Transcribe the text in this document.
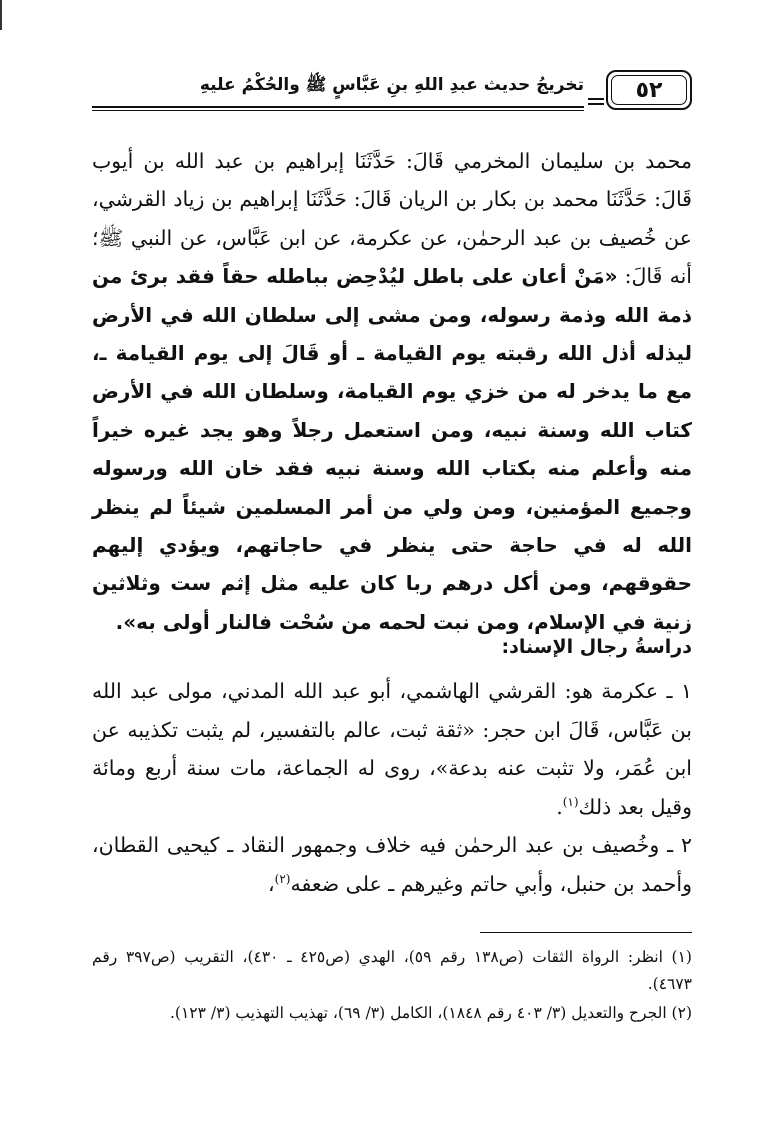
٥٢
تخريجُ حديث عبدِ اللهِ بنِ عَبَّاسٍ ﷺ والحُكْمُ عليهِ

محمد بن سليمان المخرمي قَالَ: حَدَّثَنَا إبراهيم بن عبد الله بن أيوب قَالَ: حَدَّثَنَا محمد بن بكار بن الريان قَالَ: حَدَّثَنَا إبراهيم بن زياد القرشي، عن خُصيف بن عبد الرحمٰن، عن عكرمة، عن ابن عَبَّاس، عن النبي ﷺ؛ أنه قَالَ: «مَنْ أعان على باطل ليُدْحِض بباطله حقاً فقد برئ من ذمة الله وذمة رسوله، ومن مشى إلى سلطان الله في الأرض ليذله أذل الله رقبته يوم القيامة ـ أو قَالَ إلى يوم القيامة ـ، مع ما يدخر له من خزي يوم القيامة، وسلطان الله في الأرض كتاب الله وسنة نبيه، ومن استعمل رجلاً وهو يجد غيره خيراً منه وأعلم منه بكتاب الله وسنة نبيه فقد خان الله ورسوله وجميع المؤمنين، ومن ولي من أمر المسلمين شيئاً لم ينظر الله له في حاجة حتى ينظر في حاجاتهم، ويؤدي إليهم حقوقهم، ومن أكل درهم ربا كان عليه مثل إثم ست وثلاثين زنية في الإسلام، ومن نبت لحمه من سُحْت فالنار أولى به».

دراسةُ رجال الإسناد:

١ ـ عكرمة هو: القرشي الهاشمي، أبو عبد الله المدني، مولى عبد الله بن عَبَّاس، قَالَ ابن حجر: «ثقة ثبت، عالم بالتفسير، لم يثبت تكذيبه عن ابن عُمَر، ولا تثبت عنه بدعة»، روى له الجماعة، مات سنة أربع ومائة وقيل بعد ذلك$^{(١)}$.

٢ ـ وخُصيف بن عبد الرحمٰن فيه خلاف وجمهور النقاد ـ كيحيى القطان، وأحمد بن حنبل، وأبي حاتم وغيرهم ـ على ضعفه$^{(٢)}$،

(١) انظر: الرواة الثقات (ص١٣٨ رقم ٥٩)، الهدي (ص٤٢٥ ـ ٤٣٠)، التقريب (ص٣٩٧ رقم ٤٦٧٣).

(٢) الجرح والتعديل (٣/ ٤٠٣ رقم ١٨٤٨)، الكامل (٣/ ٦٩)، تهذيب التهذيب (٣/ ١٢٣).
